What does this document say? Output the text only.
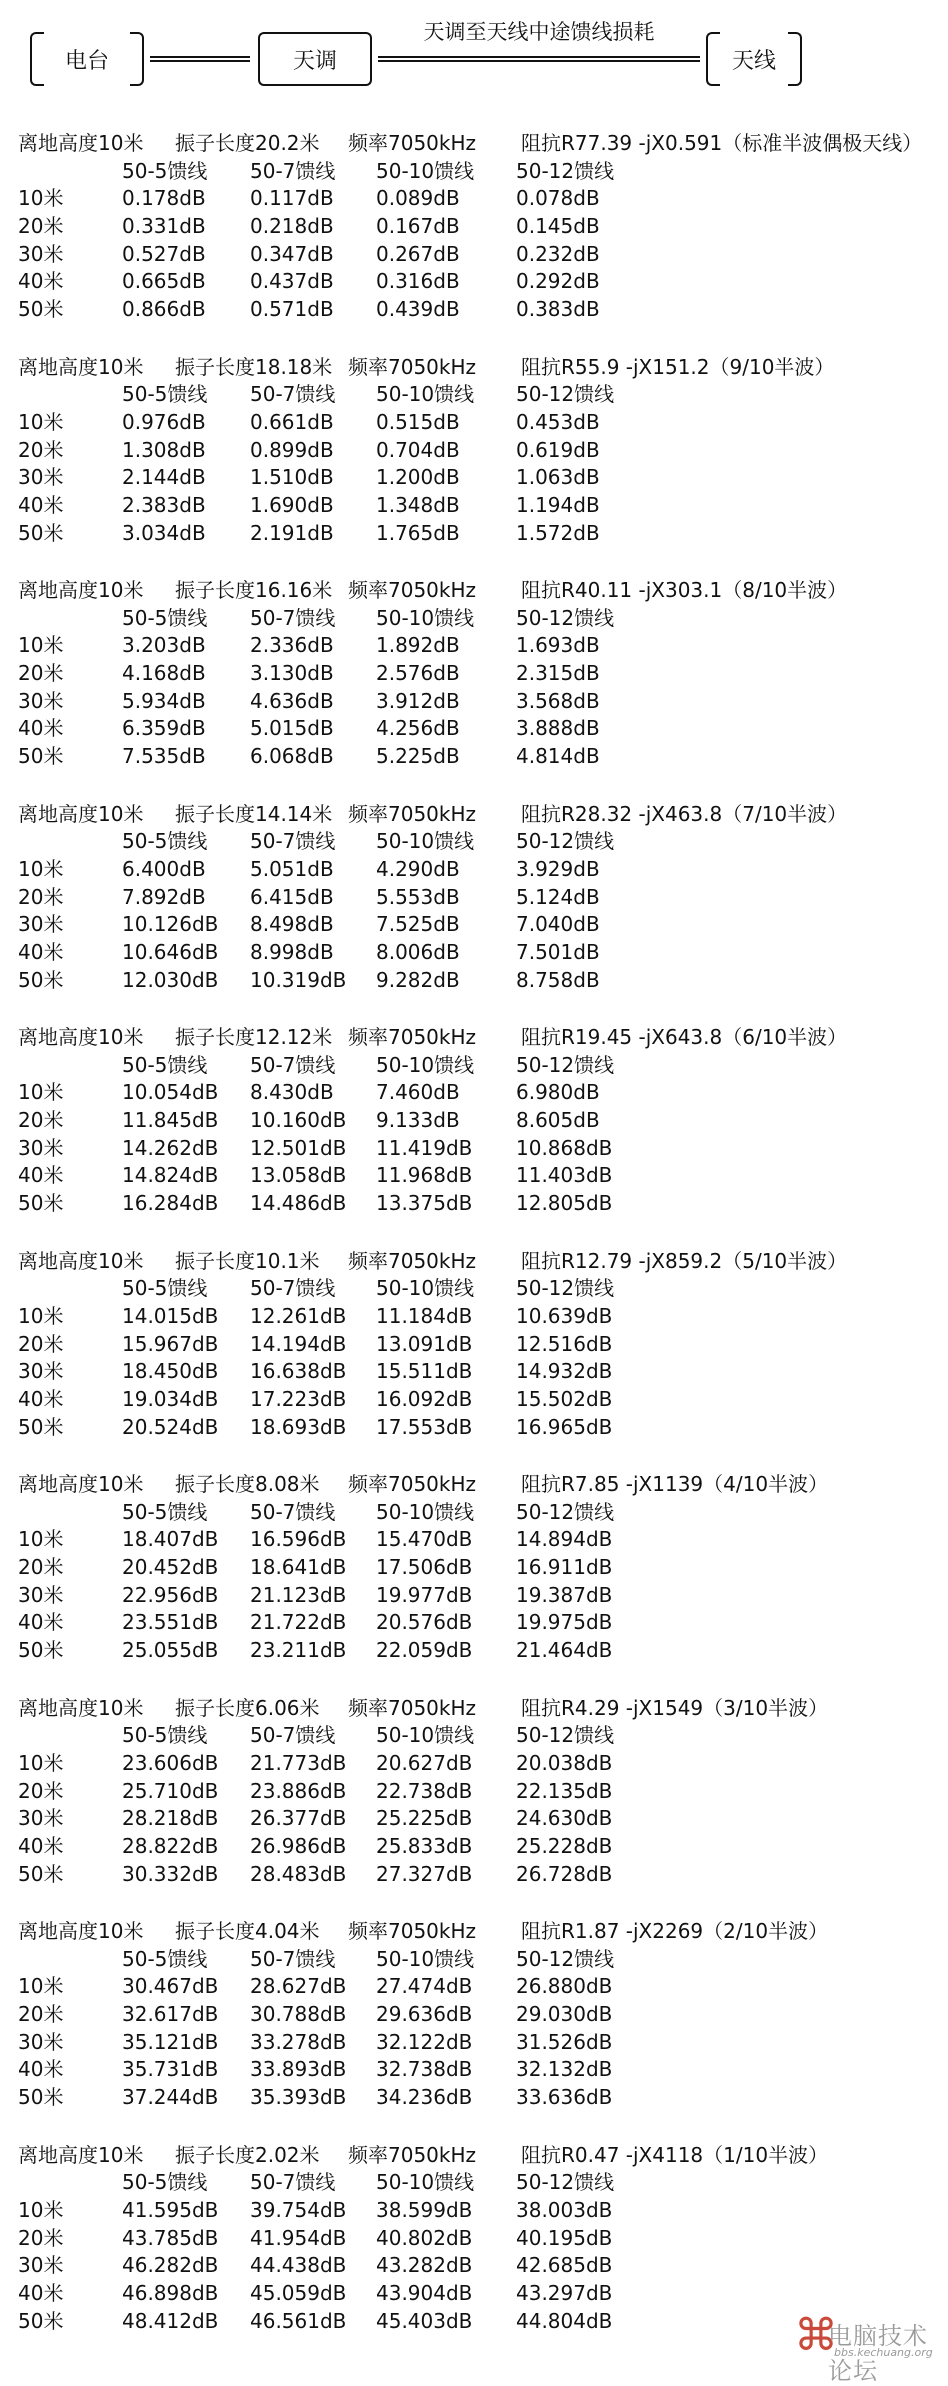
电台	天调
天调至天线中途馈线损耗
天线
离地高度10米 振子长度20.2米 频率7050kHz 阻抗R77.39 -jX0.591（标准半波偶极天线）
50-5馈线 50-7馈线 50-10馈线 50-12馈线
10米	0.178dB 0.117dB 0.089dB	0.078dB
20米	0.331dB 0.218dB 0.167dB	0.145dB
30米	0.527dB 0.347dB 0.267dB	0.232dB
40米	0.665dB 0.437dB 0.316dB	0.292dB
50米	0.866dB 0.571dB 0.439dB	0.383dB
离地高度10米 振子长度18.18米 频率7050kHz 阻抗R55.9 -jX151.2（9/10半波）
50-5馈线 50-7馈线 50-10馈线 50-12馈线
10米	0.976dB 0.661dB 0.515dB	0.453dB
20米	1.308dB 0.899dB 0.704dB	0.619dB
30米	2.144dB 1.510dB 1.200dB	1.063dB
40米	2.383dB 1.690dB 1.348dB	1.194dB
50米	3.034dB 2.191dB 1.765dB	1.572dB
离地高度10米 振子长度16.16米 频率7050kHz 阻抗R40.11 -jX303.1（8/10半波）
50-5馈线 50-7馈线 50-10馈线 50-12馈线
10米	3.203dB 2.336dB 1.892dB	1.693dB
20米	4.168dB 3.130dB 2.576dB	2.315dB
30米	5.934dB 4.636dB 3.912dB	3.568dB
40米	6.359dB 5.015dB 4.256dB	3.888dB
50米	7.535dB 6.068dB 5.225dB	4.814dB
离地高度10米 振子长度14.14米 频率7050kHz 阻抗R28.32 -jX463.8（7/10半波）
50-5馈线 50-7馈线 50-10馈线 50-12馈线
10米	6.400dB 5.051dB 4.290dB	3.929dB
20米	7.892dB 6.415dB 5.553dB	5.124dB
30米	10.126dB 8.498dB 7.525dB	7.040dB
40米	10.646dB 8.998dB 8.006dB	7.501dB
50米	12.030dB 10.319dB 9.282dB	8.758dB
离地高度10米 振子长度12.12米 频率7050kHz 阻抗R19.45 -jX643.8（6/10半波）
50-5馈线 50-7馈线 50-10馈线 50-12馈线
10米	10.054dB 8.430dB 7.460dB	6.980dB
20米	11.845dB 10.160dB 9.133dB	8.605dB
30米	14.262dB 12.501dB 11.419dB 10.868dB
40米	14.824dB 13.058dB 11.968dB 11.403dB
50米	16.284dB 14.486dB 13.375dB 12.805dB
离地高度10米 振子长度10.1米 频率7050kHz 阻抗R12.79 -jX859.2（5/10半波）
50-5馈线 50-7馈线 50-10馈线 50-12馈线
10米	14.015dB 12.261dB 11.184dB 10.639dB
20米	15.967dB 14.194dB 13.091dB 12.516dB
30米	18.450dB 16.638dB 15.511dB 14.932dB
40米	19.034dB 17.223dB 16.092dB 15.502dB
50米	20.524dB 18.693dB 17.553dB 16.965dB
离地高度10米 振子长度8.08米 频率7050kHz 阻抗R7.85 -jX1139（4/10半波）
50-5馈线 50-7馈线 50-10馈线 50-12馈线
10米	18.407dB 16.596dB 15.470dB 14.894dB
20米	20.452dB 18.641dB 17.506dB 16.911dB
30米	22.956dB 21.123dB 19.977dB 19.387dB
40米	23.551dB 21.722dB 20.576dB 19.975dB
50米	25.055dB 23.211dB 22.059dB 21.464dB
离地高度10米 振子长度6.06米 频率7050kHz 阻抗R4.29 -jX1549（3/10半波）
50-5馈线 50-7馈线 50-10馈线 50-12馈线
10米	23.606dB 21.773dB 20.627dB 20.038dB
20米	25.710dB 23.886dB 22.738dB 22.135dB
30米	28.218dB 26.377dB 25.225dB 24.630dB
40米	28.822dB 26.986dB 25.833dB 25.228dB
50米	30.332dB 28.483dB 27.327dB 26.728dB
离地高度10米 振子长度4.04米 频率7050kHz 阻抗R1.87 -jX2269（2/10半波）
50-5馈线 50-7馈线 50-10馈线 50-12馈线
10米	30.467dB 28.627dB 27.474dB 26.880dB
20米	32.617dB 30.788dB 29.636dB 29.030dB
30米	35.121dB 33.278dB 32.122dB 31.526dB
40米	35.731dB 33.893dB 32.738dB 32.132dB
50米	37.244dB 35.393dB 34.236dB 33.636dB
离地高度10米 振子长度2.02米 频率7050kHz 阻抗R0.47 -jX4118（1/10半波）
50-5馈线 50-7馈线 50-10馈线 50-12馈线
10米	41.595dB 39.754dB 38.599dB 38.003dB
20米	43.785dB 41.954dB 40.802dB 40.195dB
30米	46.282dB 44.438dB 43.282dB 42.685dB
40米	46.898dB 45.059dB 43.904dB 43.297dB
50米	48.412dB 46.561dB 45.403dB 44.804dB	⌘
电脑技术论坛
bbs.kechuang.org
